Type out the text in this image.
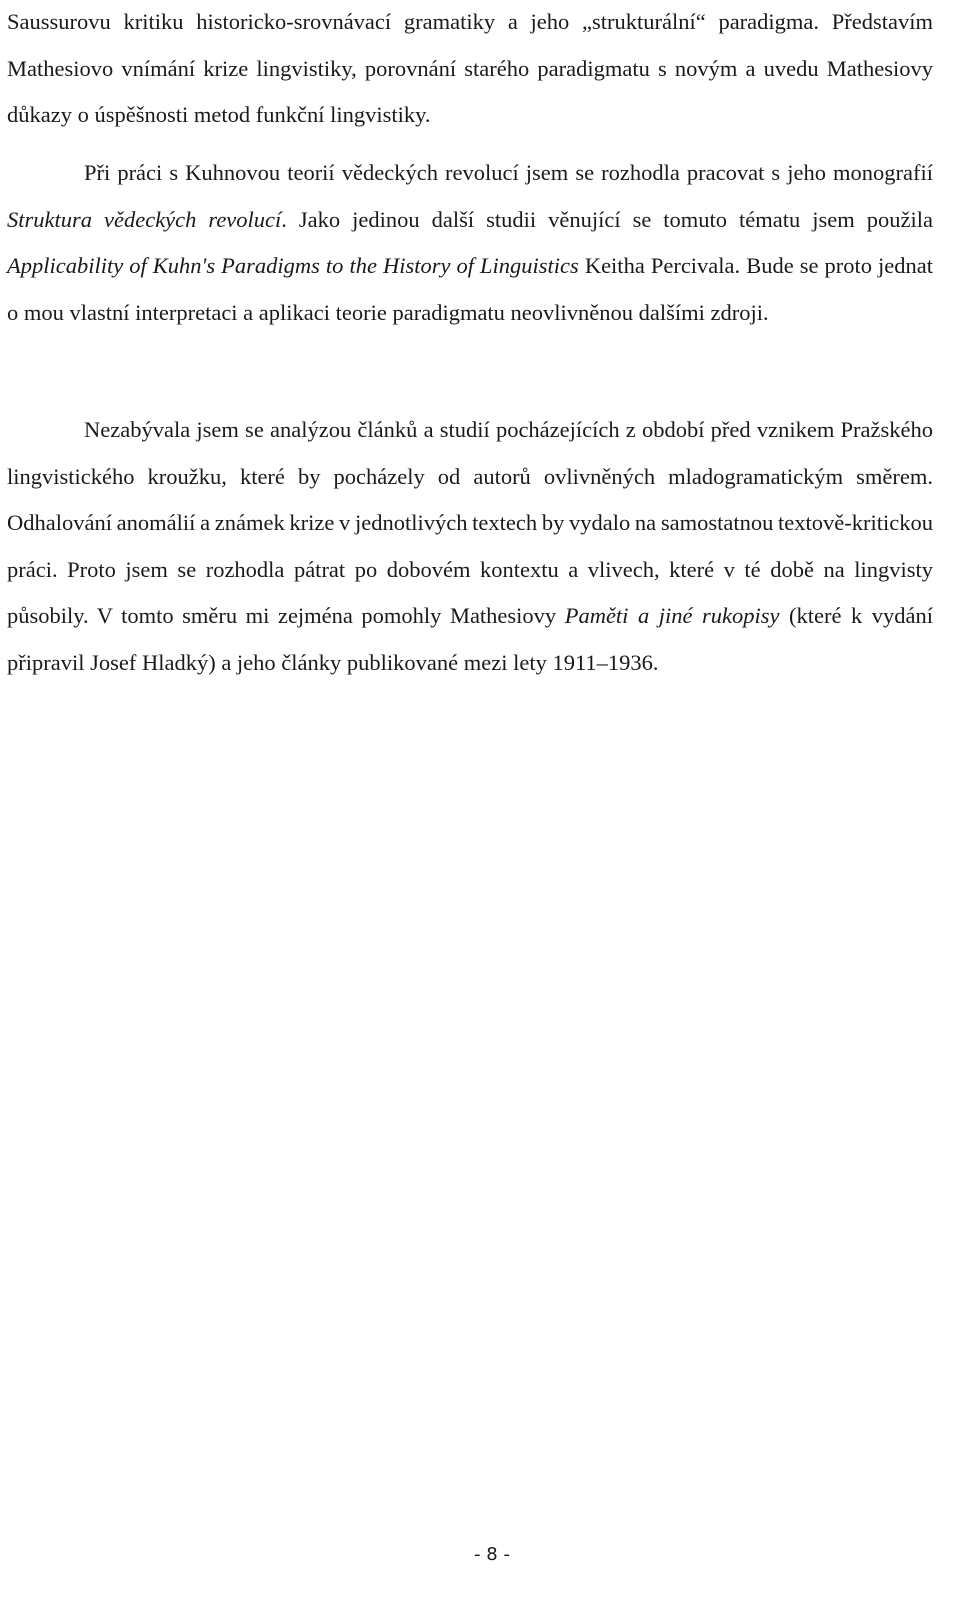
Saussurovu kritiku historicko-srovnávací gramatiky a jeho „strukturální“ paradigma. Představím Mathesiovo vnímání krize lingvistiky, porovnání starého paradigmatu s novým a uvedu Mathesiovy důkazy o úspěšnosti metod funkční lingvistiky.

Při práci s Kuhnovou teorií vědeckých revolucí jsem se rozhodla pracovat s jeho monografií Struktura vědeckých revolucí. Jako jedinou další studii věnující se tomuto tématu jsem použila Applicability of Kuhn's Paradigms to the History of Linguistics Keitha Percivala. Bude se proto jednat o mou vlastní interpretaci a aplikaci teorie paradigmatu neovlivněnou dalšími zdroji.

Nezabývala jsem se analýzou článků a studií pocházejících z období před vznikem Pražského lingvistického kroužku, které by pocházely od autorů ovlivněných mladogramatickým směrem. Odhalování anomálií a známek krize v jednotlivých textech by vydalo na samostatnou textově-kritickou práci. Proto jsem se rozhodla pátrat po dobovém kontextu a vlivech, které v té době na lingvisty působily. V tomto směru mi zejména pomohly Mathesiovy Paměti a jiné rukopisy (které k vydání připravil Josef Hladký) a jeho články publikované mezi lety 1911–1936.

- 8 -
